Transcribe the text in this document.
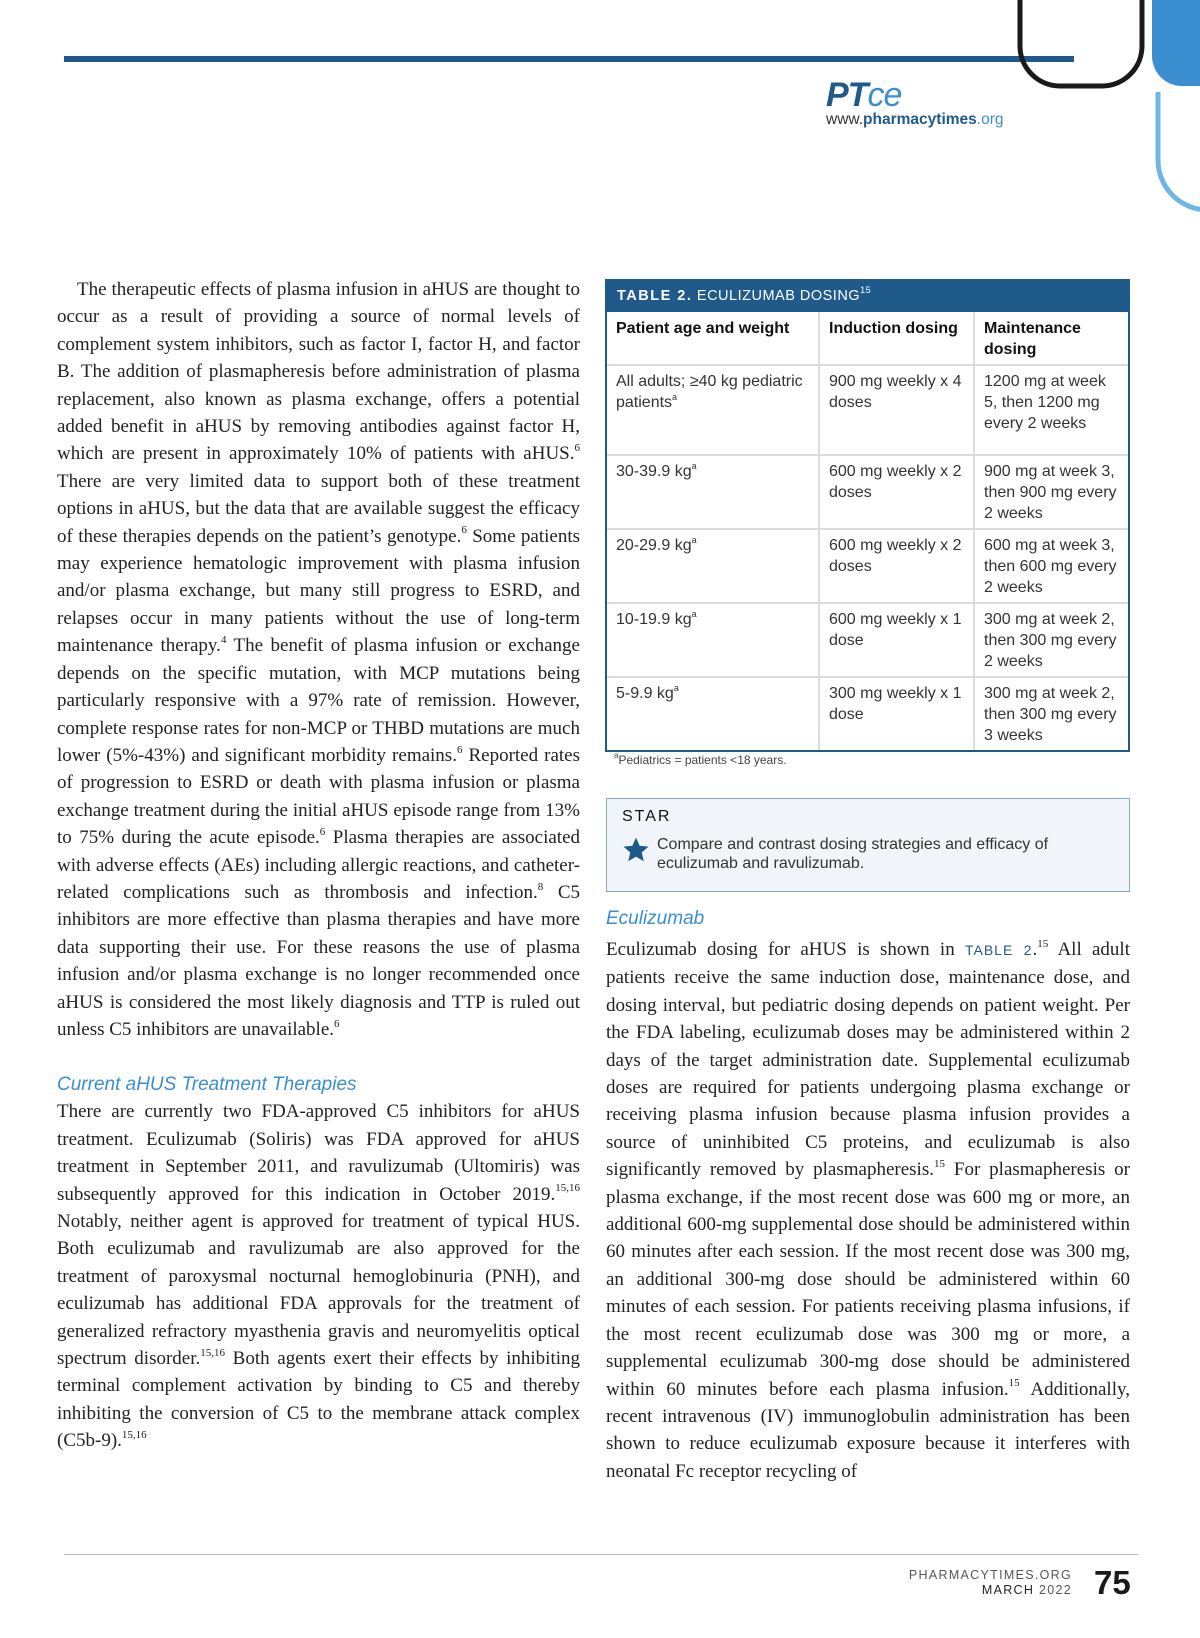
PTce
www.pharmacytimes.org

The therapeutic effects of plasma infusion in aHUS are thought to occur as a result of providing a source of normal levels of complement system inhibitors, such as factor I, factor H, and factor B. The addition of plasmapheresis before administration of plasma replacement, also known as plasma exchange, offers a potential added benefit in aHUS by removing antibodies against factor H, which are present in approximately 10% of patients with aHUS.$^6$ There are very limited data to support both of these treatment options in aHUS, but the data that are available suggest the efficacy of these therapies depends on the patient’s genotype.$^6$ Some patients may experience hematologic improvement with plasma infusion and/or plasma exchange, but many still progress to ESRD, and relapses occur in many patients without the use of long-term maintenance therapy.$^4$ The benefit of plasma infusion or exchange depends on the specific mutation, with MCP mutations being particularly responsive with a 97% rate of remission. However, complete response rates for non-MCP or THBD mutations are much lower (5%-43%) and significant morbidity remains.$^6$ Reported rates of progression to ESRD or death with plasma infusion or plasma exchange treatment during the initial aHUS episode range from 13% to 75% during the acute episode.$^6$ Plasma therapies are associated with adverse effects (AEs) including allergic reactions, and catheter-related complications such as thrombosis and infection.$^8$ C5 inhibitors are more effective than plasma therapies and have more data supporting their use. For these reasons the use of plasma infusion and/or plasma exchange is no longer recommended once aHUS is considered the most likely diagnosis and TTP is ruled out unless C5 inhibitors are unavailable.$^6$

Current aHUS Treatment Therapies

There are currently two FDA-approved C5 inhibitors for aHUS treatment. Eculizumab (Soliris) was FDA approved for aHUS treatment in September 2011, and ravulizumab (Ultomiris) was subsequently approved for this indication in October 2019.$^{15,16}$ Notably, neither agent is approved for treatment of typical HUS. Both eculizumab and ravulizumab are also approved for the treatment of paroxysmal nocturnal hemoglobinuria (PNH), and eculizumab has additional FDA approvals for the treatment of generalized refractory myasthenia gravis and neuromyelitis optical spectrum disorder.$^{15,16}$ Both agents exert their effects by inhibiting terminal complement activation by binding to C5 and thereby inhibiting the conversion of C5 to the membrane attack complex (C5b-9).$^{15,16}$

TABLE 2. ECULIZUMAB DOSING$^{15}$
Patient age and weight	Induction dosing	Maintenance dosing
All adults; ≥40 kg pediatric patients$^a$	900 mg weekly x 4 doses	1200 mg at week 5, then 1200 mg every 2 weeks
30-39.9 $kg^a$	600 mg weekly x 2 doses	900 mg at week 3, then 900 mg every 2 weeks
20-29.9 $kg^a$	600 mg weekly x 2 doses	600 mg at week 3, then 600 mg every 2 weeks
10-19.9 $kg^a$	600 mg weekly x 1 dose	300 mg at week 2, then 300 mg every 2 weeks
5-9.9 $kg^a$	300 mg weekly x 1 dose	300 mg at week 2, then 300 mg every 3 weeks
$^a$Pediatrics = patients <18 years.
STAR
Compare and contrast dosing strategies and efficacy of eculizumab and ravulizumab.
Eculizumab

Eculizumab dosing for aHUS is shown in TABLE 2.15 All adult patients receive the same induction dose, maintenance dose, and dosing interval, but pediatric dosing depends on patient weight. Per the FDA labeling, eculizumab doses may be administered within 2 days of the target administration date. Supplemental eculizumab doses are required for patients undergoing plasma exchange or receiving plasma infusion because plasma infusion provides a source of uninhibited C5 proteins, and eculizumab is also significantly removed by plasmapheresis.$^{15}$ For plasmapheresis or plasma exchange, if the most recent dose was 600 mg or more, an additional 600-mg supplemental dose should be administered within 60 minutes after each session. If the most recent dose was 300 mg, an additional 300-mg dose should be administered within 60 minutes of each session. For patients receiving plasma infusions, if the most recent eculizumab dose was 300 mg or more, a supplemental eculizumab 300-mg dose should be administered within 60 minutes before each plasma infusion.$^{15}$ Additionally, recent intravenous (IV) immunoglobulin administration has been shown to reduce eculizumab exposure because it interferes with neonatal Fc receptor recycling of

PHARMACYTIMES.ORG
MARCH 2022 75
